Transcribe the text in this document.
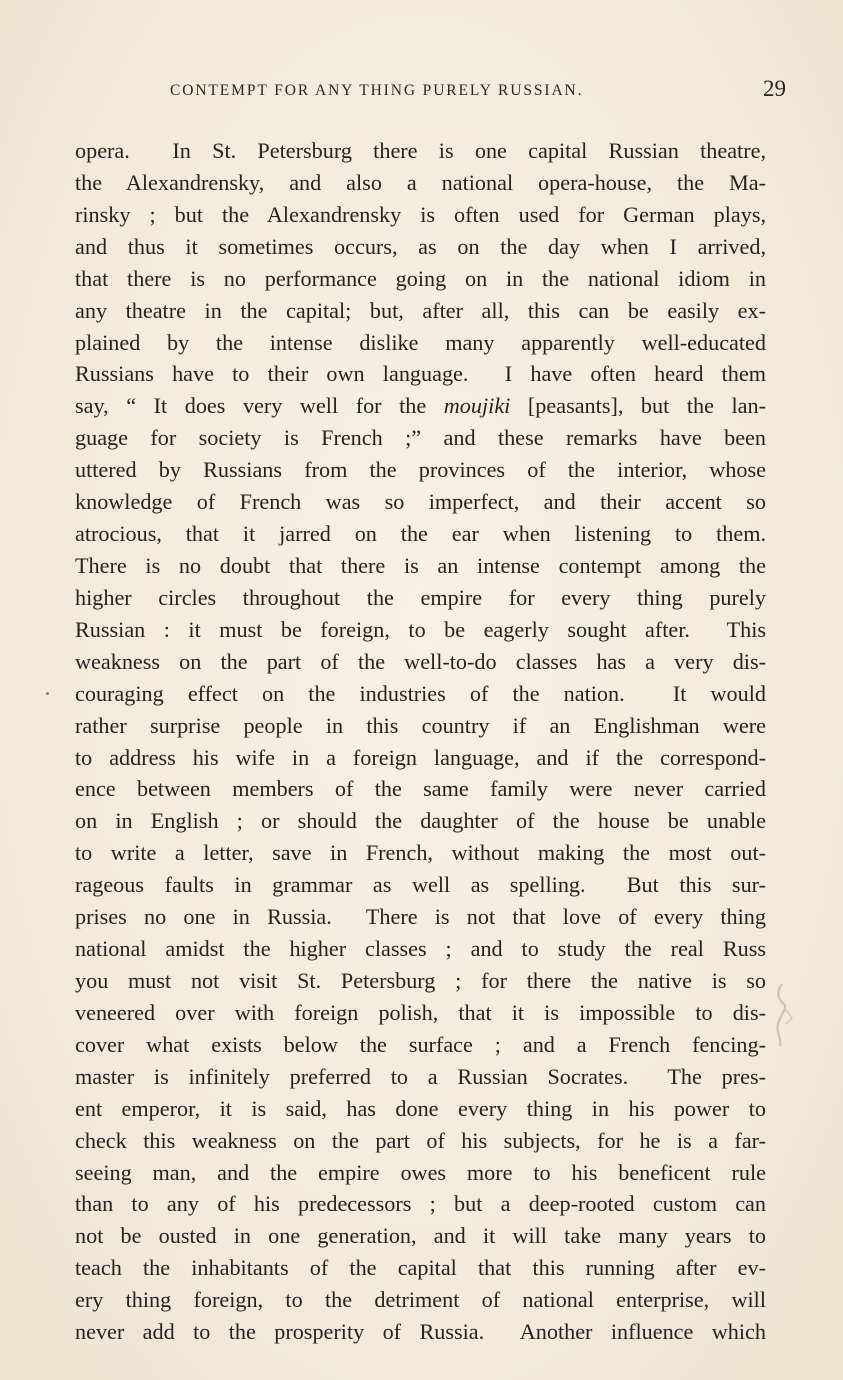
CONTEMPT FOR ANY THING PURELY RUSSIAN.	29
opera.  In St. Petersburg there is one capital Russian theatre,
the Alexandrensky, and also a national opera-house, the Ma-
rinsky ; but the Alexandrensky is often used for German plays,
and thus it sometimes occurs, as on the day when I arrived,
that there is no performance going on in the national idiom in
any theatre in the capital; but, after all, this can be easily ex-
plained by the intense dislike many apparently well-educated
Russians have to their own language.  I have often heard them
say, “ It does very well for the moujiki [peasants], but the lan-
guage for society is French ;” and these remarks have been
uttered by Russians from the provinces of the interior, whose
knowledge of French was so imperfect, and their accent so
atrocious, that it jarred on the ear when listening to them.
There is no doubt that there is an intense contempt among the
higher circles throughout the empire for every thing purely
Russian : it must be foreign, to be eagerly sought after.  This
weakness on the part of the well-to-do classes has a very dis-
couraging effect on the industries of the nation.  It would
rather surprise people in this country if an Englishman were
to address his wife in a foreign language, and if the correspond-
ence between members of the same family were never carried
on in English ; or should the daughter of the house be unable
to write a letter, save in French, without making the most out-
rageous faults in grammar as well as spelling.  But this sur-
prises no one in Russia.  There is not that love of every thing
national amidst the higher classes ; and to study the real Russ
you must not visit St. Petersburg ; for there the native is so
veneered over with foreign polish, that it is impossible to dis-
cover what exists below the surface ; and a French fencing-
master is infinitely preferred to a Russian Socrates.  The pres-
ent emperor, it is said, has done every thing in his power to
check this weakness on the part of his subjects, for he is a far-
seeing man, and the empire owes more to his beneficent rule
than to any of his predecessors ; but a deep-rooted custom can
not be ousted in one generation, and it will take many years to
teach the inhabitants of the capital that this running after ev-
ery thing foreign, to the detriment of national enterprise, will
never add to the prosperity of Russia.  Another influence which
